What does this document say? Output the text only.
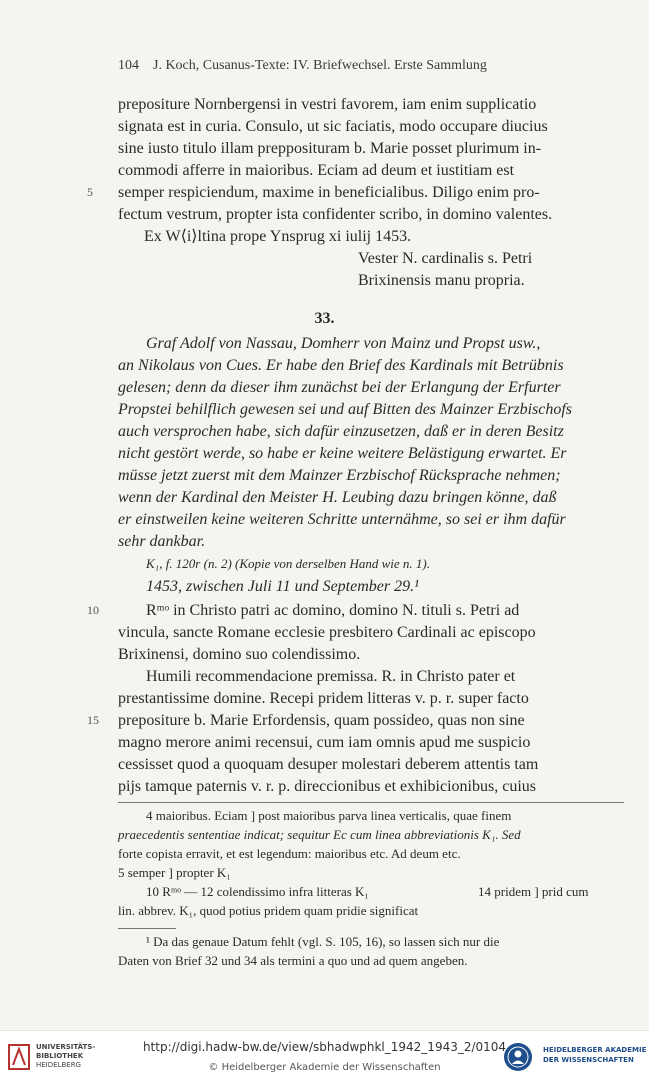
104 J. Koch, Cusanus-Texte: IV. Briefwechsel. Erste Sammlung
prepositure Nornbergensi in vestri favorem, iam enim supplicatio
signata est in curia. Consulo, ut sic faciatis, modo occupare diucius
sine iusto titulo illam prepposituram b. Marie posset plurimum in-
commodi afferre in maioribus. Eciam ad deum et iustitiam est
5 semper respiciendum, maxime in beneficialibus. Diligo enim pro-
fectum vestrum, propter ista confidenter scribo, in domino valentes.
Ex W⟨i⟩ltina prope Ynsprug xi iulij 1453.
Vester N. cardinalis s. Petri
Brixinensis manu propria.
33.
Graf Adolf von Nassau, Domherr von Mainz und Propst usw.,
an Nikolaus von Cues. Er habe den Brief des Kardinals mit Betrübnis
gelesen; denn da dieser ihm zunächst bei der Erlangung der Erfurter
Propstei behilflich gewesen sei und auf Bitten des Mainzer Erzbischofs
auch versprochen habe, sich dafür einzusetzen, daß er in deren Besitz
nicht gestört werde, so habe er keine weitere Belästigung erwartet. Er
müsse jetzt zuerst mit dem Mainzer Erzbischof Rücksprache nehmen;
wenn der Kardinal den Meister H. Leubing dazu bringen könne, daß
er einstweilen keine weiteren Schritte unternähme, so sei er ihm dafür
sehr dankbar.
K₁, f. 120r (n. 2) (Kopie von derselben Hand wie n. 1).
1453, zwischen Juli 11 und September 29.¹
10	Rᵐᵒ in Christo patri ac domino, domino N. tituli s. Petri ad
vincula, sancte Romane ecclesie presbitero Cardinali ac episcopo
Brixinensi, domino suo colendissimo.
Humili recommendacione premissa. R. in Christo pater et
prestantissime domine. Recepi pridem litteras v. p. r. super facto
15 prepositure b. Marie Erfordensis, quam possideo, quas non sine
magno merore animi recensui, cum iam omnis apud me suspicio
cessisset quod a quoquam desuper molestari deberem attentis tam
pijs tamque paternis v. r. p. direccionibus et exhibicionibus, cuius
4 maioribus. Eciam ] post maioribus parva linea verticalis, quae finem
praecedentis sententiae indicat; sequitur Ec cum linea abbreviationis K₁. Sed
forte copista erravit, et est legendum: maioribus etc. Ad deum etc.
5 semper ] propter K₁
10 Rᵐᵒ — 12 colendissimo infra litteras K₁	14 pridem ] prid cum
lin. abbrev. K₁, quod potius pridem quam pridie significat
¹ Da das genaue Datum fehlt (vgl. S. 105, 16), so lassen sich nur die
Daten von Brief 32 und 34 als termini a quo und ad quem angeben.
UNIVERSITÄTS-
BIBLIOTHEK
HEIDELBERG
http://digi.hadw-bw.de/view/sbhadwphkl_1942_1943_2/0104
© Heidelberger Akademie der Wissenschaften
HEIDELBERGER AKADEMIE
DER WISSENSCHAFTEN
